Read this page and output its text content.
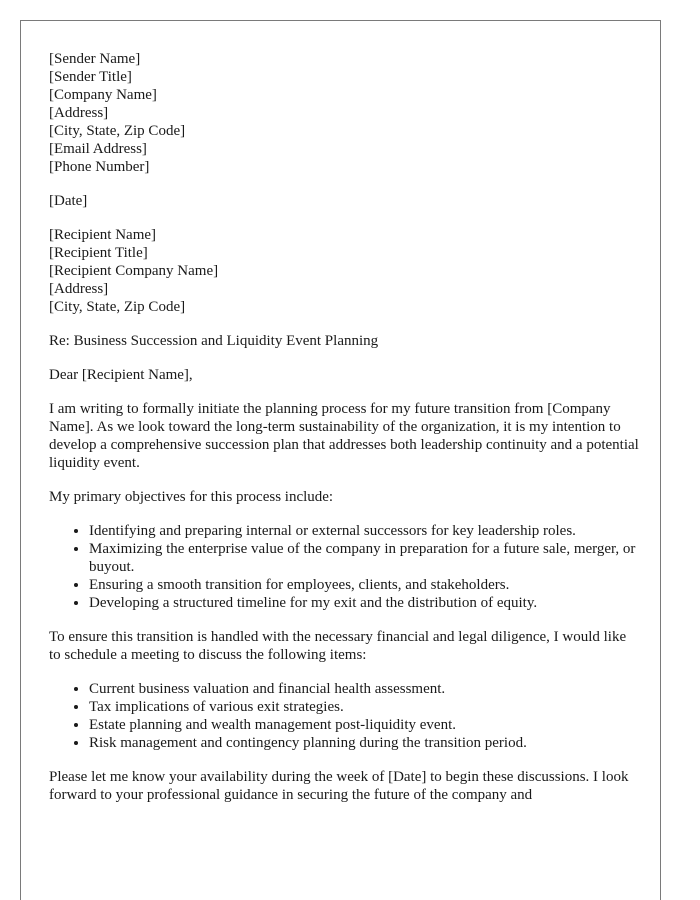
[Sender Name]
[Sender Title]
[Company Name]
[Address]
[City, State, Zip Code]
[Email Address]
[Phone Number]

[Date]

[Recipient Name]
[Recipient Title]
[Recipient Company Name]
[Address]
[City, State, Zip Code]

Re: Business Succession and Liquidity Event Planning

Dear [Recipient Name],

I am writing to formally initiate the planning process for my future transition from [Company Name]. As we look toward the long-term sustainability of the organization, it is my intention to develop a comprehensive succession plan that addresses both leadership continuity and a potential liquidity event.

My primary objectives for this process include:

• Identifying and preparing internal or external successors for key leadership roles.
• Maximizing the enterprise value of the company in preparation for a future sale, merger, or buyout.
• Ensuring a smooth transition for employees, clients, and stakeholders.
• Developing a structured timeline for my exit and the distribution of equity.

To ensure this transition is handled with the necessary financial and legal diligence, I would like to schedule a meeting to discuss the following items:

• Current business valuation and financial health assessment.
• Tax implications of various exit strategies.
• Estate planning and wealth management post-liquidity event.
• Risk management and contingency planning during the transition period.

Please let me know your availability during the week of [Date] to begin these discussions. I look forward to your professional guidance in securing the future of the company and
